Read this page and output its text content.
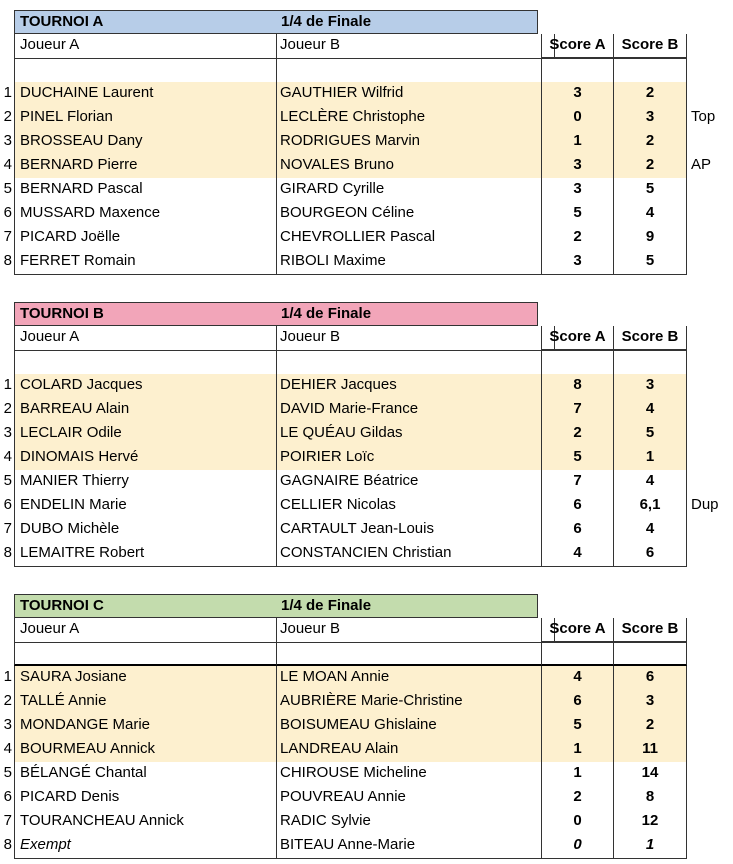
TOURNOI A	1/4 de Finale
Joueur A	Joueur B	Score A	Score B
1 DUCHAINE Laurent	GAUTHIER Wilfrid	3	2
2 PINEL Florian	LECLÈRE Christophe	0	3	Top
3 BROSSEAU Dany	RODRIGUES Marvin	1	2
4 BERNARD Pierre	NOVALES Bruno	3	2	AP
5 BERNARD Pascal	GIRARD Cyrille	3	5
6 MUSSARD Maxence	BOURGEON Céline	5	4
7 PICARD Joëlle	CHEVROLLIER Pascal	2	9
8 FERRET Romain	RIBOLI Maxime	3	5
TOURNOI B	1/4 de Finale
Joueur A	Joueur B	Score A	Score B
1 COLARD Jacques	DEHIER Jacques	8	3
2 BARREAU Alain	DAVID Marie-France	7	4
3 LECLAIR Odile	LE QUÉAU Gildas	2	5
4 DINOMAIS Hervé	POIRIER Loïc	5	1
5 MANIER Thierry	GAGNAIRE Béatrice	7	4
6 ENDELIN Marie	CELLIER Nicolas	6	6,1	Dup
7 DUBO Michèle	CARTAULT Jean-Louis	6	4
8 LEMAITRE Robert	CONSTANCIEN Christian	4	6
TOURNOI C	1/4 de Finale
Joueur A	Joueur B	Score A	Score B
1 SAURA Josiane	LE MOAN Annie	4	6
2 TALLÉ Annie	AUBRIÈRE Marie-Christine	6	3
3 MONDANGE Marie	BOISUMEAU Ghislaine	5	2
4 BOURMEAU Annick	LANDREAU Alain	1	11
5 BÉLANGÉ Chantal	CHIROUSE Micheline	1	14
6 PICARD Denis	POUVREAU Annie	2	8
7 TOURANCHEAU Annick	RADIC Sylvie	0	12
8 Exempt	BITEAU Anne-Marie	0	1
